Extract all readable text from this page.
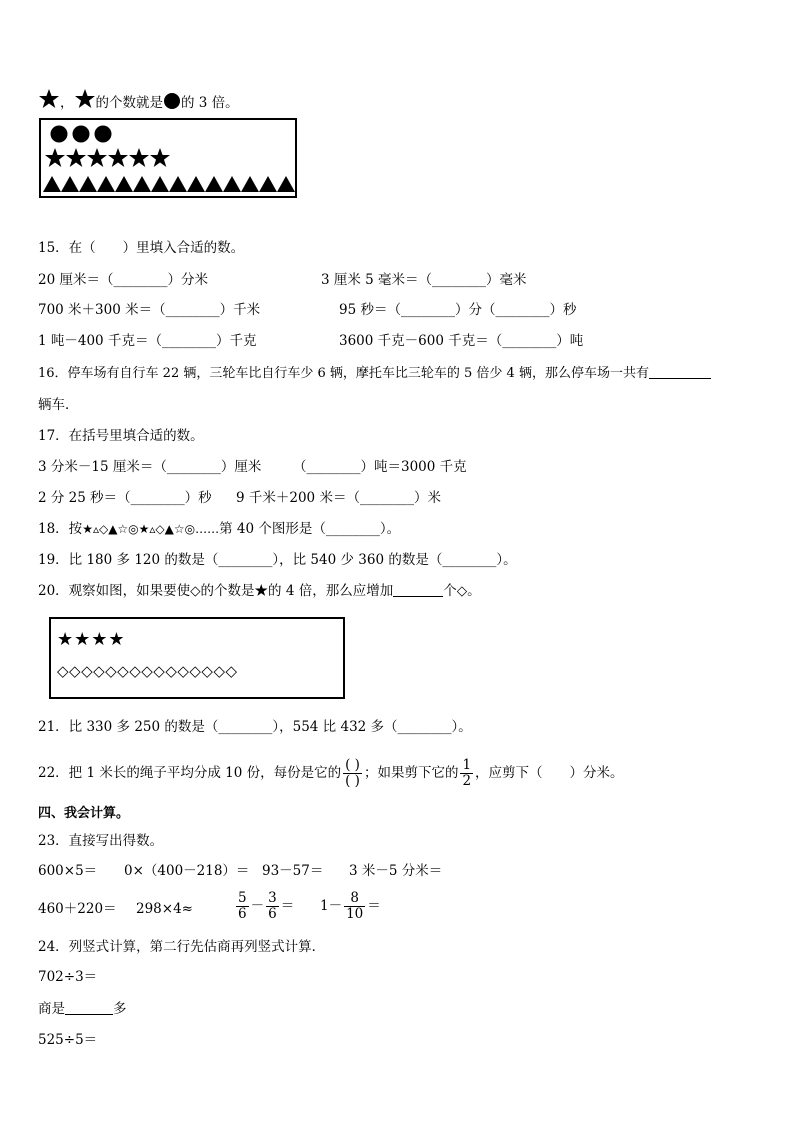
， 的个数就是 的 3 倍。
15．在（　　）里填入合适的数。
20 厘米＝（________）分米	3 厘米 5 毫米＝（________）毫米
700 米＋300 米＝（________）千米	95 秒＝（________）分（________）秒
1 吨－400 千克＝（________）千克	3600 千克－600 千克＝（________）吨
16．停车场有自行车 22 辆，三轮车比自行车少 6 辆，摩托车比三轮车的 5 倍少 4 辆，那么停车场一共有
辆车．
17．在括号里填合适的数。
3 分米－15 厘米＝（________）厘米 （________）吨＝3000 千克
2 分 25 秒＝（________）秒 9 千米＋200 米＝（________）米
18．按★▵◇▲☆◎★▵◇▲☆◎……第 40 个图形是（________）。
19．比 180 多 120 的数是（________），比 540 少 360 的数是（________）。
20．观察如图，如果要使◇的个数是★的 4 倍，那么应增加	个◇。
★★★★
◇◇◇◇◇◇◇◇◇◇◇◇◇◇◇
21．比 330 多 250 的数是（________），554 比 432 多（________）。
22．把 1 米长的绳子平均分成 10 份，每份是它的 $\frac{( )}{( )}$ ；如果剪下它的 $\frac{1}{2}$ ，应剪下（　　）分米。
四、我会计算。
23．直接写出得数。
600×5＝ 0×（400－218）＝ 93－57＝ 3 米－5 分米＝
460＋220＝ 298×4≈	$\frac{5}{6} - \frac{3}{6} = 1- \frac{8}{10}$ ＝
24．列竖式计算，第二行先估商再列竖式计算．
702÷3＝
商是	多
525÷5＝
